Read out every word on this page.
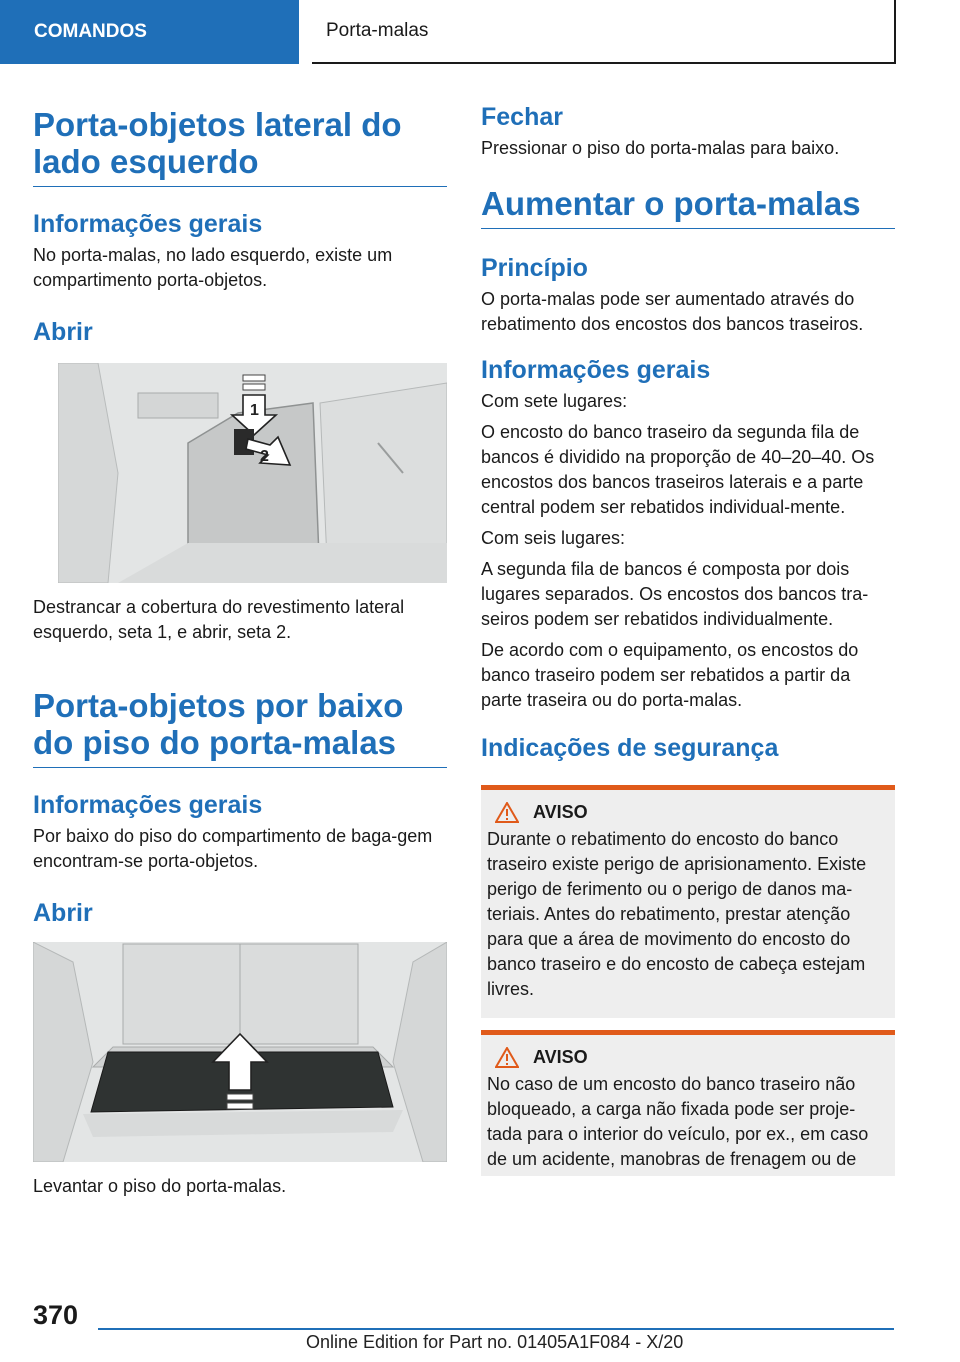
COMANDOS	Porta-malas
Porta-objetos lateral do lado esquerdo
Informações gerais

No porta-malas, no lado esquerdo, existe um compartimento porta-objetos.

Abrir
1
2

Destrancar a cobertura do revestimento lateral esquerdo, seta 1, e abrir, seta 2.

Porta-objetos por baixo do piso do porta-malas
Informações gerais

Por baixo do piso do compartimento de baga-gem encontram-se porta-objetos.

Abrir

Levantar o piso do porta-malas.

Fechar

Pressionar o piso do porta-malas para baixo.

Aumentar o porta-malas
Princípio

O porta-malas pode ser aumentado através do rebatimento dos encostos dos bancos traseiros.

Informações gerais

Com sete lugares:

O encosto do banco traseiro da segunda fila de bancos é dividido na proporção de 40–20–40. Os encostos dos bancos traseiros laterais e a parte central podem ser rebatidos individual-mente.

Com seis lugares:

A segunda fila de bancos é composta por dois lugares separados. Os encostos dos bancos tra-seiros podem ser rebatidos individualmente.

De acordo com o equipamento, os encostos do banco traseiro podem ser rebatidos a partir da parte traseira ou do porta-malas.

Indicações de segurança
AVISO

Durante o rebatimento do encosto do banco traseiro existe perigo de aprisionamento. Existe perigo de ferimento ou o perigo de danos ma-teriais. Antes do rebatimento, prestar atenção para que a área de movimento do encosto do banco traseiro e do encosto de cabeça estejam livres.

AVISO

No caso de um encosto do banco traseiro não bloqueado, a carga não fixada pode ser proje-tada para o interior do veículo, por ex., em caso de um acidente, manobras de frenagem ou de

370
Online Edition for Part no. 01405A1F084 - X/20
